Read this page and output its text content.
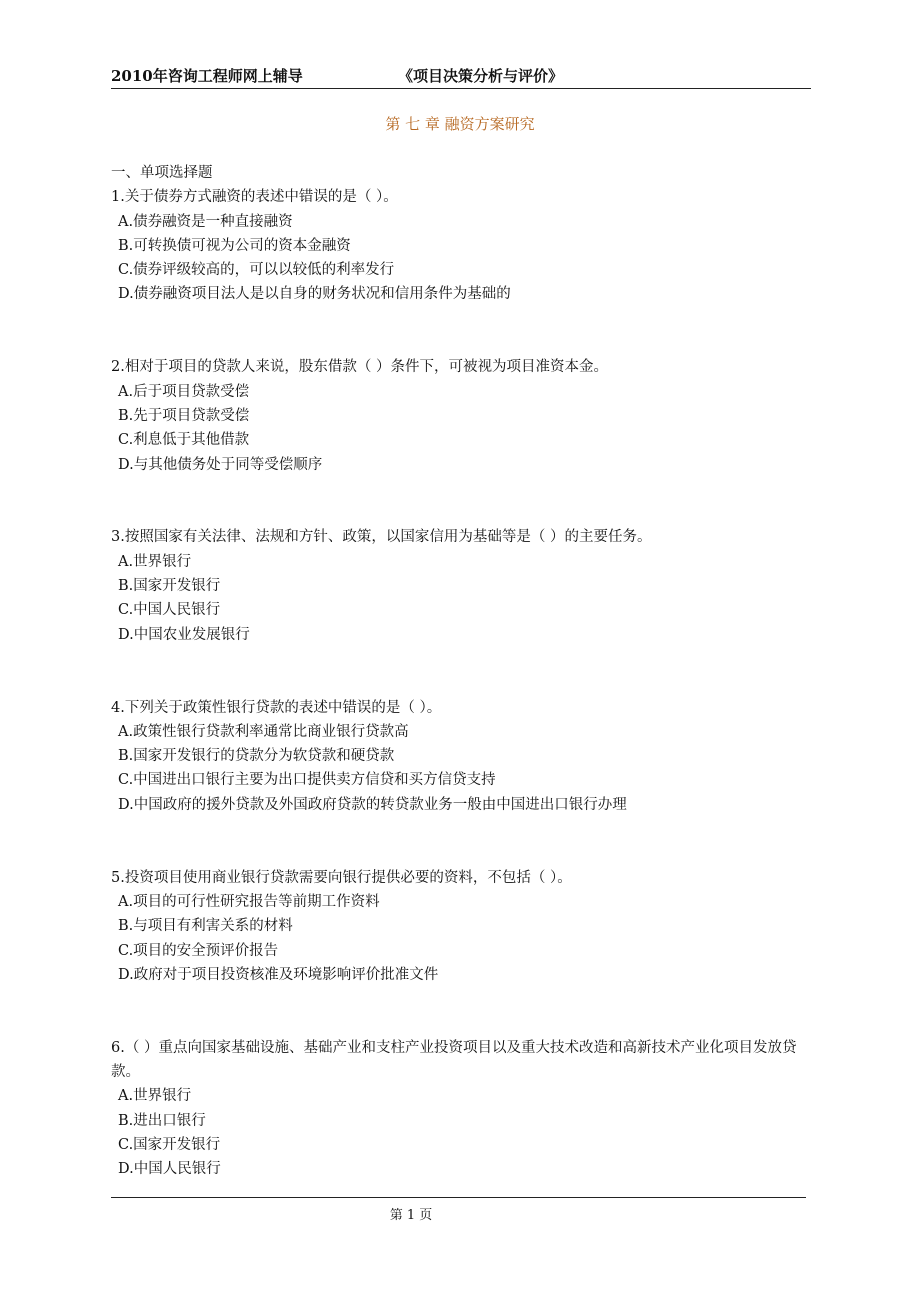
2010年咨询工程师网上辅导	《项目决策分析与评价》
第 七 章 融资方案研究
一、单项选择题
1.关于债券方式融资的表述中错误的是（ ）。
A.债券融资是一种直接融资
B.可转换债可视为公司的资本金融资
C.债券评级较高的，可以以较低的利率发行
D.债券融资项目法人是以自身的财务状况和信用条件为基础的
2.相对于项目的贷款人来说，股东借款（ ）条件下，可被视为项目准资本金。
A.后于项目贷款受偿
B.先于项目贷款受偿
C.利息低于其他借款
D.与其他债务处于同等受偿顺序
3.按照国家有关法律、法规和方针、政策，以国家信用为基础等是（ ）的主要任务。
A.世界银行
B.国家开发银行
C.中国人民银行
D.中国农业发展银行
4.下列关于政策性银行贷款的表述中错误的是（ ）。
A.政策性银行贷款利率通常比商业银行贷款高
B.国家开发银行的贷款分为软贷款和硬贷款
C.中国进出口银行主要为出口提供卖方信贷和买方信贷支持
D.中国政府的援外贷款及外国政府贷款的转贷款业务一般由中国进出口银行办理
5.投资项目使用商业银行贷款需要向银行提供必要的资料，不包括（ ）。
A.项目的可行性研究报告等前期工作资料
B.与项目有利害关系的材料
C.项目的安全预评价报告
D.政府对于项目投资核准及环境影响评价批准文件
6.（ ）重点向国家基础设施、基础产业和支柱产业投资项目以及重大技术改造和高新技术产业化项目发放贷款。
A.世界银行
B.进出口银行
C.国家开发银行
D.中国人民银行
第 1 页
